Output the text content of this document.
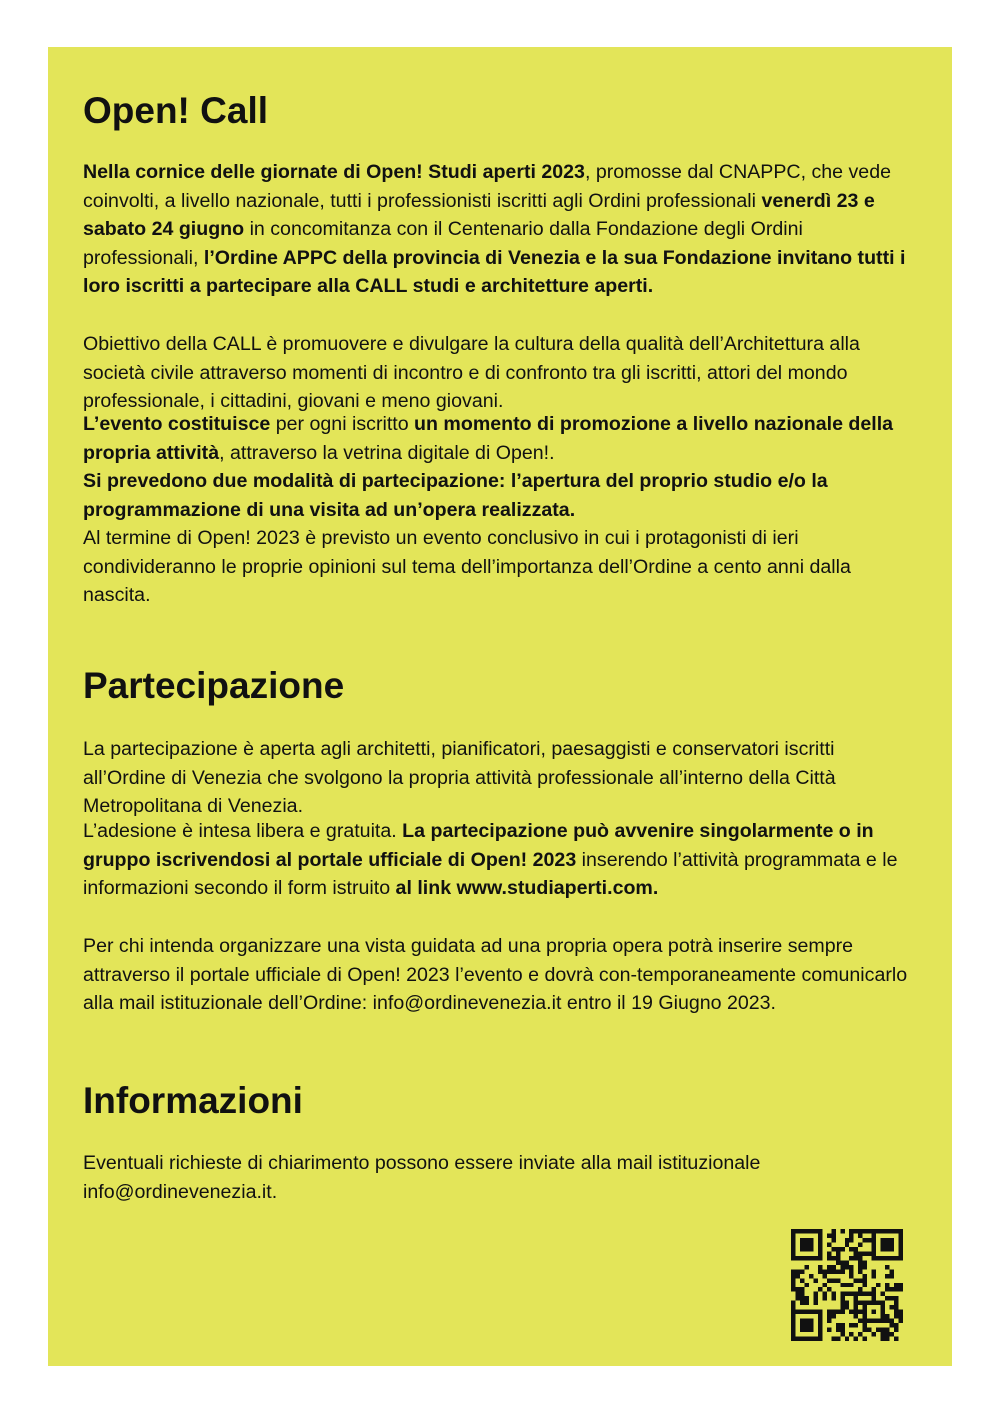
Open! Call

Nella cornice delle giornate di Open! Studi aperti 2023, promosse dal CNAPPC, che vede coinvolti, a livello nazionale, tutti i professionisti iscritti agli Ordini professionali venerdì 23 e sabato 24 giugno in concomitanza con il Centenario dalla Fondazione degli Ordini professionali, l’Ordine APPC della provincia di Venezia e la sua Fondazione invitano tutti i loro iscritti a partecipare alla CALL studi e architetture aperti.

Obiettivo della CALL è promuovere e divulgare la cultura della qualità dell’Architettura alla società civile attraverso momenti di incontro e di confronto tra gli iscritti, attori del mondo professionale, i cittadini, giovani e meno giovani.

L’evento costituisce per ogni iscritto un momento di promozione a livello nazionale della propria attività, attraverso la vetrina digitale di Open!.

Si prevedono due modalità di partecipazione: l’apertura del proprio studio e/o la programmazione di una visita ad un’opera realizzata.

Al termine di Open! 2023 è previsto un evento conclusivo in cui i protagonisti di ieri condivideranno le proprie opinioni sul tema dell’importanza dell’Ordine a cento anni dalla nascita.

Partecipazione

La partecipazione è aperta agli architetti, pianificatori, paesaggisti e conservatori iscritti all’Ordine di Venezia che svolgono la propria attività professionale all’interno della Città Metropolitana di Venezia.

L’adesione è intesa libera e gratuita. La partecipazione può avvenire singolarmente o in gruppo iscrivendosi al portale ufficiale di Open! 2023 inserendo l’attività programmata e le informazioni secondo il form istruito al link www.studiaperti.com.

Per chi intenda organizzare una vista guidata ad una propria opera potrà inserire sempre attraverso il portale ufficiale di Open! 2023 l’evento e dovrà con-temporaneamente comunicarlo alla mail istituzionale dell’Ordine: info@ordinevenezia.it entro il 19 Giugno 2023.

Informazioni

Eventuali richieste di chiarimento possono essere inviate alla mail istituzionale info@ordinevenezia.it.
